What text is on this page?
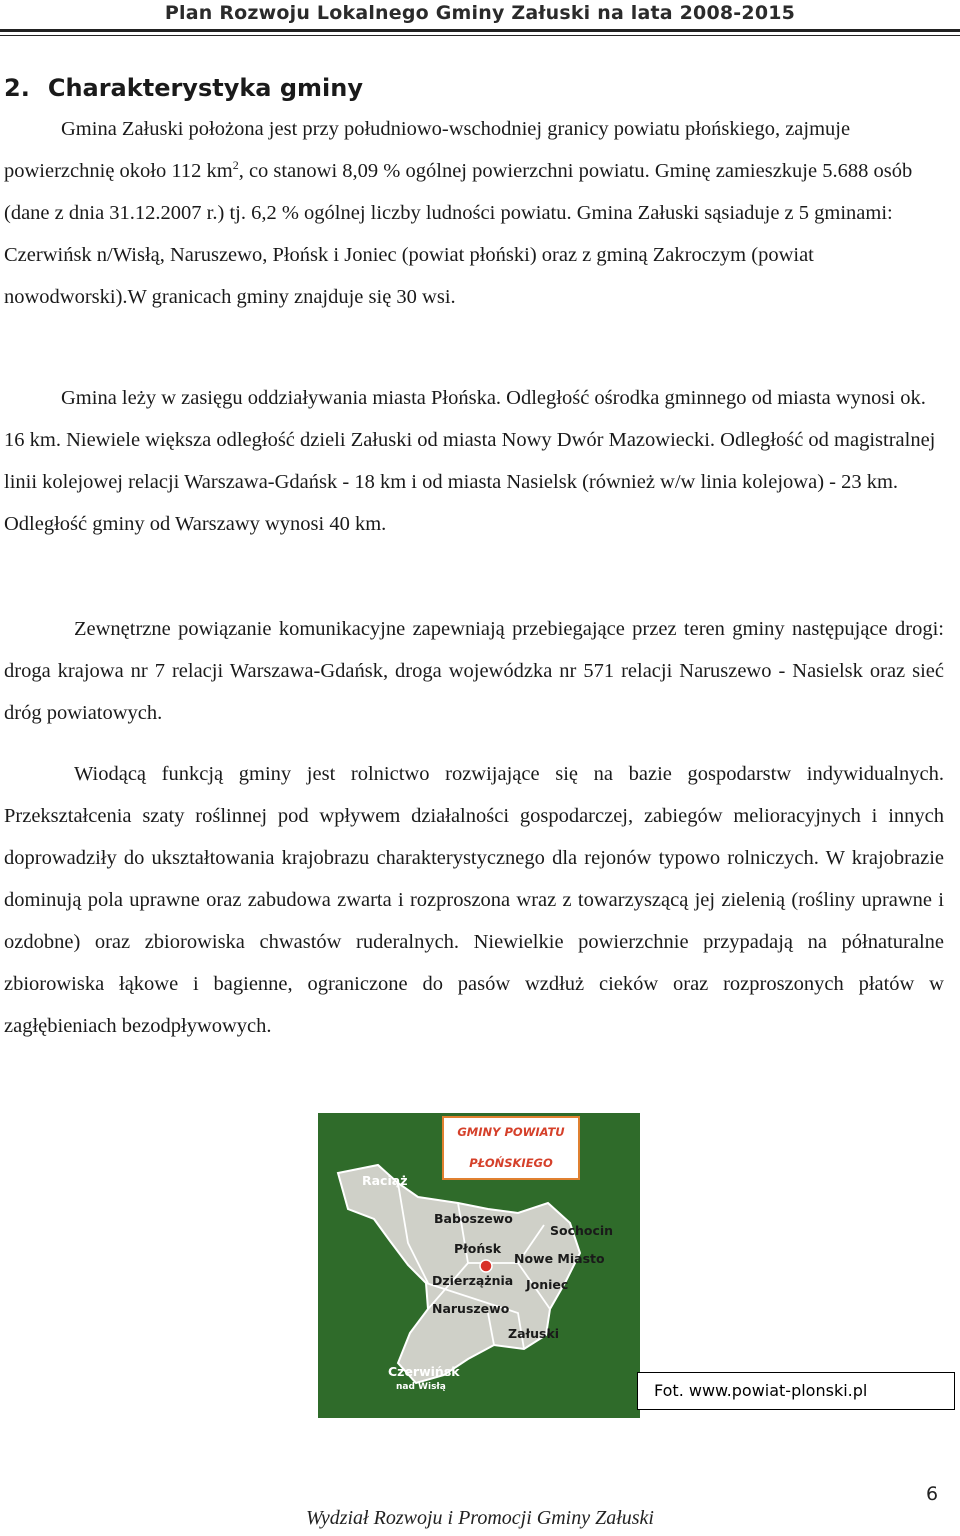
Plan Rozwoju Lokalnego Gminy Załuski na lata 2008-2015
2. Charakterystyka gminy

Gmina Załuski położona jest przy południowo-wschodniej granicy powiatu płońskiego, zajmuje powierzchnię około 112 $km^2$, co stanowi 8,09 % ogólnej powierzchni powiatu. Gminę zamieszkuje 5.688 osób (dane z dnia 31.12.2007 r.) tj. 6,2 % ogólnej liczby ludności powiatu. Gmina Załuski sąsiaduje z 5 gminami: Czerwińsk n/Wisłą, Naruszewo, Płońsk i Joniec (powiat płoński) oraz z gminą Zakroczym (powiat nowodworski).W granicach gminy znajduje się 30 wsi.

Gmina leży w zasięgu oddziaływania miasta Płońska. Odległość ośrodka gminnego od miasta wynosi ok. 16 km. Niewiele większa odległość dzieli Załuski od miasta Nowy Dwór Mazowiecki. Odległość od magistralnej linii kolejowej relacji Warszawa-Gdańsk - 18 km i od miasta Nasielsk (również w/w linia kolejowa) - 23 km. Odległość gminy od Warszawy wynosi 40 km.

Zewnętrzne powiązanie komunikacyjne zapewniają przebiegające przez teren gminy następujące drogi: droga krajowa nr 7 relacji Warszawa-Gdańsk, droga wojewódzka nr 571 relacji Naruszewo - Nasielsk oraz sieć dróg powiatowych.

Wiodącą funkcją gminy jest rolnictwo rozwijające się na bazie gospodarstw indywidualnych. Przekształcenia szaty roślinnej pod wpływem działalności gospodarczej, zabiegów melioracyjnych i innych doprowadziły do ukształtowania krajobrazu charakterystycznego dla rejonów typowo rolniczych. W krajobrazie dominują pola uprawne oraz zabudowa zwarta i rozproszona wraz z towarzyszącą jej zielenią (rośliny uprawne i ozdobne) oraz zbiorowiska chwastów ruderalnych. Niewielkie powierzchnie przypadają na półnaturalne zbiorowiska łąkowe i bagienne, ograniczone do pasów wzdłuż cieków oraz rozproszonych płatów w zagłębieniach bezodpływowych.

GMINY POWIATU
PŁOŃSKIEGO
Raciąż
Baboszewo
Sochocin
Płońsk
Nowe Miasto
Dzierzążnia Joniec
Naruszewo
Załuski
Czerwińsk
nad Wisłą	Fot. www.powiat-plonski.pl
6
Wydział Rozwoju i Promocji Gminy Załuski
